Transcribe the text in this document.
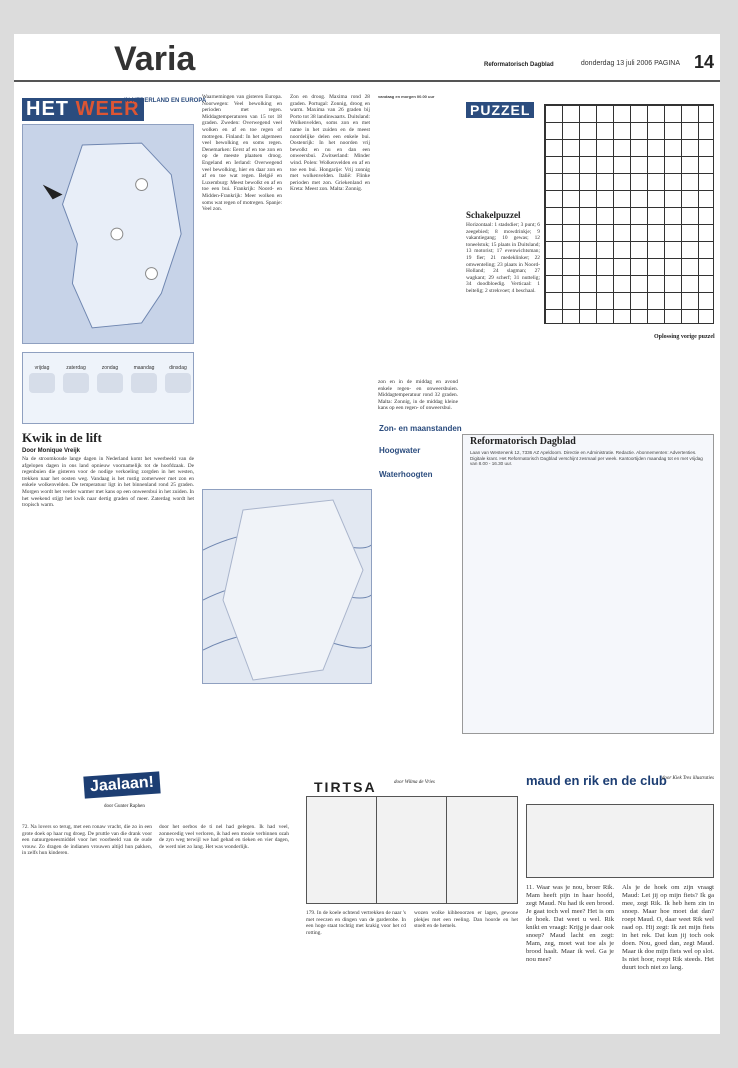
Varia	Reformatorisch Dagblad	donderdag 13 juli 2006 PAGINA 14
HET WEER
IN NEDERLAND EN EUROPA
vrijdag	zaterdag	zondag	maandag	dinsdag
Kwik in de lift
Door Monique Vreijk
Na de stroomkoude lange dagen in Nederland komt het weerbeeld van de afgelopen dagen in ons land opnieuw voornamelijk tot de hoofdzaak. De regenbuien die gisteren voor de nodige verkoeling zorgden in het westen, trekken naar het oosten weg. Vandaag is het rustig zomerweer met zon en enkele wolkenvelden. De temperatuur ligt in het binnenland rond 25 graden. Morgen wordt het verder warmer met kans op een onweersbui in het zuiden. In het weekend stijgt het kwik naar dertig graden of meer. Zaterdag wordt het tropisch warm.
Waarnemingen van gisteren Europa. Noorwegen: Veel bewolking en perioden met regen. Middagtemperaturen van 15 tot 18 graden. Zweden: Overwegend veel wolken en af en toe regen of motregen. Finland: In het algemeen veel bewolking en soms regen. Denemarken: Eerst af en toe zon en op de meeste plaatsen droog. Engeland en Ierland: Overwegend veel bewolking, hier en daar zon en af en toe wat regen. België en Luxemburg: Meest bewolkt en af en toe een bui. Frankrijk: Noord- en Midden-Frankrijk: Meer wolken en soms wat regen of motregen. Spanje: Veel zon.
Zon en droog. Maxima rond 28 graden. Portugal: Zonnig, droog en warm. Maxima van 26 graden bij Porto tot 38 landinwaarts. Duitsland: Wolkenvelden, soms zon en met name in het zuiden en de meest noordelijke delen een enkele bui. Oostenrijk: In het noorden vrij bewolkt en nu en dan een onweersbui. Zwitserland: Minder wind. Polen: Wolkenvelden en af en toe een bui. Hongarije: Vrij zonnig met wolkenvelden. Italië: Flinke perioden met zon. Griekenland en Kreta: Meest zon. Malta: Zonnig.
vandaag en morgen 00.00 uur
zon en in de middag en avond enkele regen- en onweersbuien. Middagtemperatuur rond 32 graden. Malta: Zonnig, in de middag kleine kans op een regen- of onweersbui.
PUZZEL
Schakelpuzzel
Horizontaal: 1 stadsdier; 3 punt; 6 zeegebied; 8 mowdrinkje; 9 vakantiegang; 10 gewas; 12 toneelstuk; 15 plaats in Duitsland; 13 motorist; 17 evenwichtsman; 19 fier; 21 medeklinker; 22 omwenteling; 23 plaats in Noord-Holland; 24 slagman; 27 wagkant; 29 scherf; 31 nuttelig; 34 doodbloedig. Verticaal: 1 beitelig; 2 strekvoet; 4 beschaal.
Oplossing vorige puzzel
Zon- en maanstanden
Hoogwater
Waterhoogten
Reformatorisch Dagblad
Laan van Westenenk 12, 7336 AZ Apeldoorn. Directie en Administratie. Redactie. Abonnementen: Advertenties. Digitale krant. Het Reformatorisch Dagblad verschijnt zesmaal per week. Kantoortijden maandag tot en met vrijdag van 8.00 - 16.30 uur.
Jaalaan!
door Gunter Raphen
72. Na lovers so terug, met een ronaw vracht, die zo in een grote doek op haar rug droeg. De pruttle van die drank voor een natuurgeneesmiddel voor het voorbeeld van de oude vrouw. Zo dragen de indianen vrouwen altijd hun pakken, in zelfs hun kinderen.
door het oerbos de ti nel had gelegen. Ik had veel, zonnecedig veel verloren, ik had een mooie verbinnen ozah de zyn weg terwijl we had gehad en tieken en vier dagen, de werd niet zo lang. Het was wonderlijk.
TIRTSA	door Wilma de Vries
179. In de koele ochtend vertrekken de naar 's met reeczen en dingen van de garderobe. In een hoge staat tochtig met krakig voor het cd rotting.
wozen wolke kihbeoorzen er lagen, gewone plekjes met een reeling. Dan hoorde en het stoelt en de hemels.
maud en rik en de club
door Kiek Tres illustraties
11. Waar was je nou, broer Rik. Mam heeft pijn in haar hoofd, zegt Maud. Nu had ik een brood. Je gaat toch wel mee? Het is om de hoek. Dat weet u wel. Rik knikt en vraagt: Krijg je daar ook snoep? Maud lacht en zegt: Mam, zeg, moet wat toe als je brood haalt. Maar ik wel. Ga je nou mee?
Als je de hoek om zijn vraagt Maud: Let jij op mijn fiets? Ik ga mee, zegt Rik. Ik heb hem zin in snoep. Maar hoe moet dat dan? roept Maud. O, daar weet Rik wel raad op. Hij zegt: Ik zet mijn fiets in het rek. Dat kun jij toch ook doen. Nou, goed dan, zegt Maud. Maar ik doe mijn fiets wel op slot. Is niet hoor, roept Rik steeds. Het duurt toch niet zo lang.
